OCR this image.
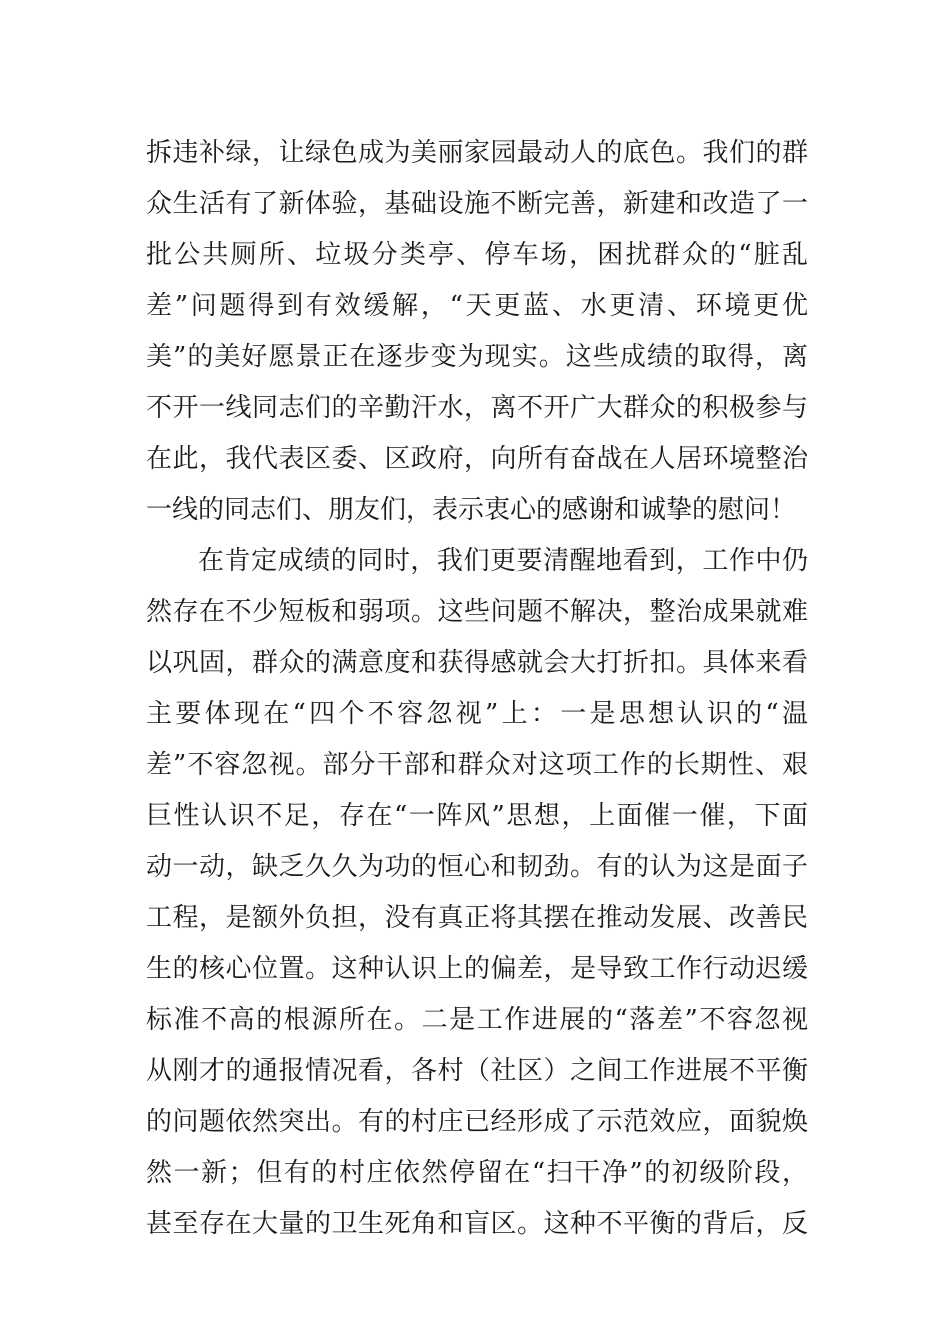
拆违补绿，让绿色成为美丽家园最动人的底色。我们的群
众生活有了新体验，基础设施不断完善，新建和改造了一
批公共厕所、垃圾分类亭、停车场，困扰群众的“脏乱
差”问题得到有效缓解，“天更蓝、水更清、环境更优
美”的美好愿景正在逐步变为现实。这些成绩的取得，离
不开一线同志们的辛勤汗水，离不开广大群众的积极参与
在此，我代表区委、区政府，向所有奋战在人居环境整治
一线的同志们、朋友们，表示衷心的感谢和诚挚的慰问！
在肯定成绩的同时，我们更要清醒地看到，工作中仍
然存在不少短板和弱项。这些问题不解决，整治成果就难
以巩固，群众的满意度和获得感就会大打折扣。具体来看
主要体现在“四个不容忽视”上：一是思想认识的“温
差”不容忽视。部分干部和群众对这项工作的长期性、艰
巨性认识不足，存在“一阵风”思想，上面催一催，下面
动一动，缺乏久久为功的恒心和韧劲。有的认为这是面子
工程，是额外负担，没有真正将其摆在推动发展、改善民
生的核心位置。这种认识上的偏差，是导致工作行动迟缓
标准不高的根源所在。二是工作进展的“落差”不容忽视
从刚才的通报情况看，各村（社区）之间工作进展不平衡
的问题依然突出。有的村庄已经形成了示范效应，面貌焕
然一新；但有的村庄依然停留在“扫干净”的初级阶段，
甚至存在大量的卫生死角和盲区。这种不平衡的背后，反
